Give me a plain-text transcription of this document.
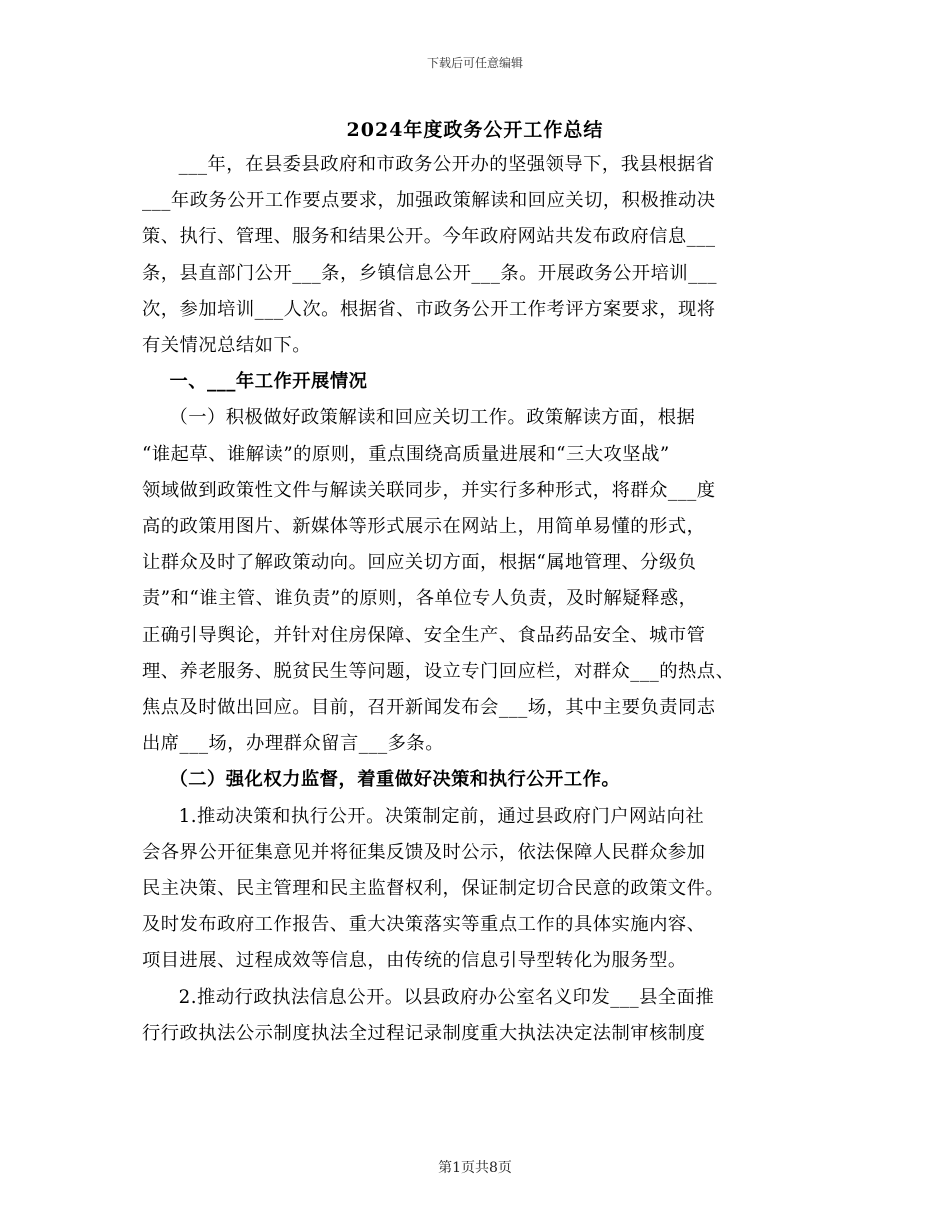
下载后可任意编辑
2024年度政务公开工作总结
___年，在县委县政府和市政务公开办的坚强领导下，我县根据省
___年政务公开工作要点要求，加强政策解读和回应关切，积极推动决
策、执行、管理、服务和结果公开。今年政府网站共发布政府信息___
条，县直部门公开___条，乡镇信息公开___条。开展政务公开培训___
次，参加培训___人次。根据省、市政务公开工作考评方案要求，现将
有关情况总结如下。
一、___年工作开展情况
（一）积极做好政策解读和回应关切工作。政策解读方面，根据
“谁起草、谁解读”的原则，重点围绕高质量进展和“三大攻坚战”
领域做到政策性文件与解读关联同步，并实行多种形式，将群众___度
高的政策用图片、新媒体等形式展示在网站上，用简单易懂的形式，
让群众及时了解政策动向。回应关切方面，根据“属地管理、分级负
责”和“谁主管、谁负责”的原则，各单位专人负责，及时解疑释惑，
正确引导舆论，并针对住房保障、安全生产、食品药品安全、城市管
理、养老服务、脱贫民生等问题，设立专门回应栏，对群众___的热点、
焦点及时做出回应。目前，召开新闻发布会___场，其中主要负责同志
出席___场，办理群众留言___多条。
（二）强化权力监督，着重做好决策和执行公开工作。
1.推动决策和执行公开。决策制定前，通过县政府门户网站向社
会各界公开征集意见并将征集反馈及时公示，依法保障人民群众参加
民主决策、民主管理和民主监督权利，保证制定切合民意的政策文件。
及时发布政府工作报告、重大决策落实等重点工作的具体实施内容、
项目进展、过程成效等信息，由传统的信息引导型转化为服务型。
2.推动行政执法信息公开。以县政府办公室名义印发___县全面推
行行政执法公示制度执法全过程记录制度重大执法决定法制审核制度
第1页共8页
